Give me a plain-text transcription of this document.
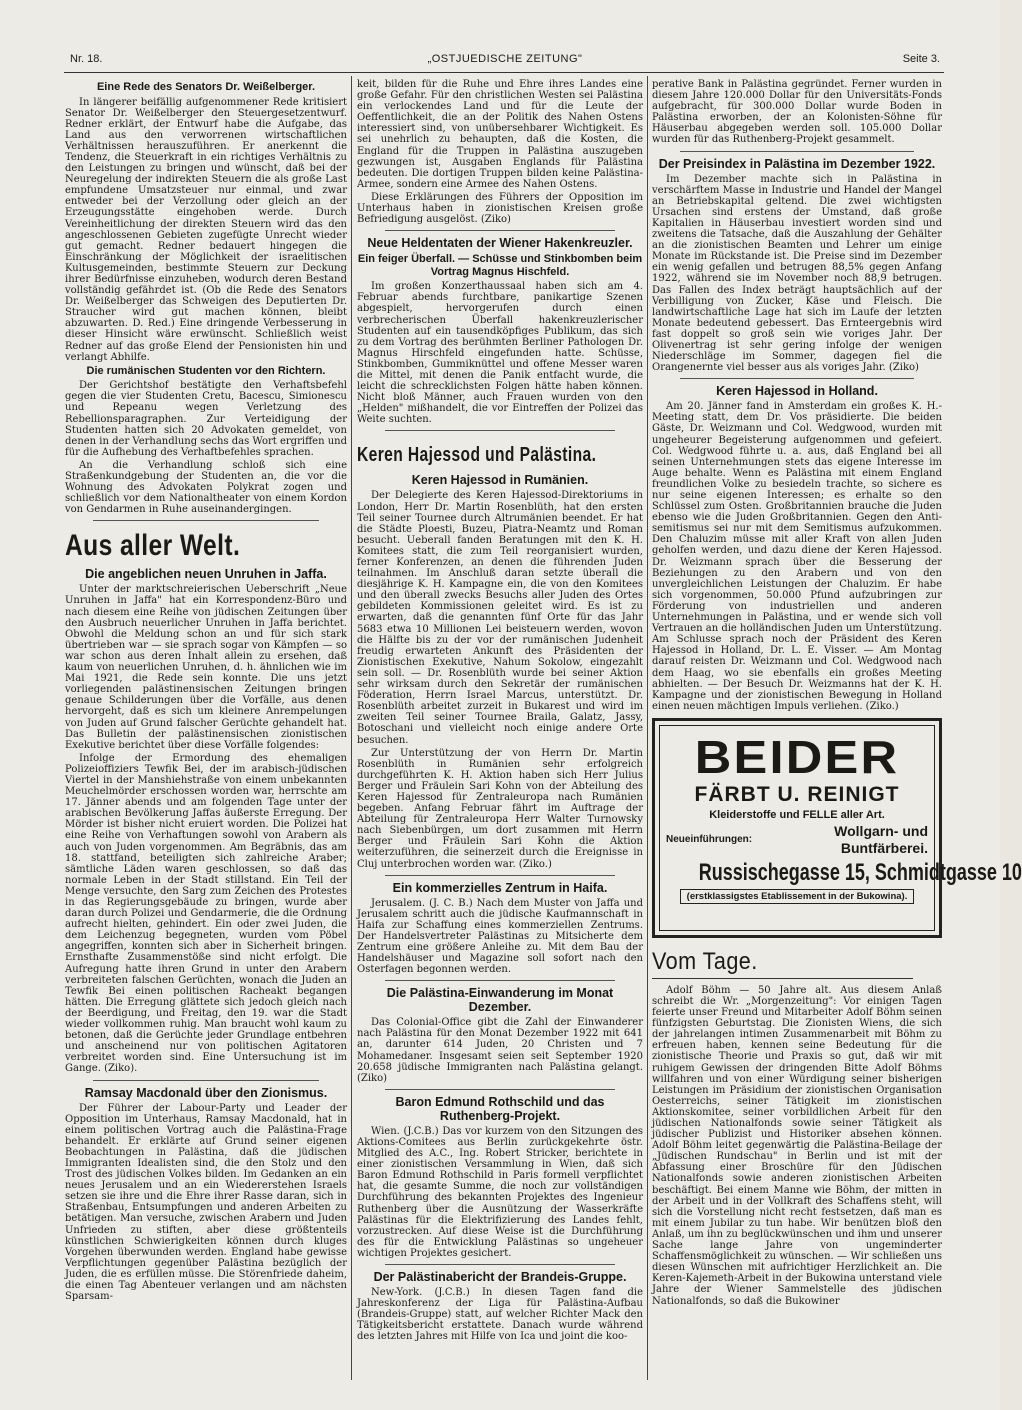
Nr. 18.	„OSTJUEDISCHE ZEITUNG"	Seite 3.
Eine Rede des Senators Dr. Weißelberger.

In längerer beifällig aufgenommener Rede kritisiert Senator Dr. Weißelberger den Steuergesetzentwurf. Redner erklärt, der Entwurf habe die Aufgabe, das Land aus den verworrenen wirtschaftlichen Verhältnissen herauszuführen. Er anerkennt die Tendenz, die Steuerkraft in ein richtiges Verhältnis zu den Leistungen zu bringen und wünscht, daß bei der Neuregelung der indirekten Steuern die als große Last empfundene Umsatzsteuer nur einmal, und zwar entweder bei der Verzollung oder gleich an der Erzeugungsstätte eingehoben werde. Durch Vereinheitlichung der direkten Steuern wird das den angeschlossenen Gebieten zugefügte Unrecht wieder gut gemacht. Redner bedauert hingegen die Einschränkung der Möglichkeit der israelitischen Kultusgemeinden, bestimmte Steuern zur Deckung ihrer Bedürfnisse einzuheben, wodurch deren Bestand vollständig gefährdet ist. (Ob die Rede des Senators Dr. Weißelberger das Schweigen des Deputierten Dr. Straucher wird gut machen können, bleibt abzuwarten. D. Red.) Eine dringende Verbesserung in dieser Hinsicht wäre erwünscht. Schließlich weist Redner auf das große Elend der Pensionisten hin und verlangt Abhilfe.

Die rumänischen Studenten vor den Richtern.

Der Gerichtshof bestätigte den Verhaftsbefehl gegen die vier Studenten Cretu, Bacescu, Simionescu und Repeanu wegen Verletzung des Rebellionsparagraphen. Zur Verteidigung der Studenten hatten sich 20 Advokaten gemeldet, von denen in der Verhandlung sechs das Wort ergriffen und für die Aufhebung des Verhaftbefehles sprachen.

An die Verhandlung schloß sich eine Straßenkundgebung der Studenten an, die vor die Wohnung des Advokaten Polykrat zogen und schließlich vor dem Nationaltheater von einem Kordon von Gendarmen in Ruhe auseinandergingen.

Aus aller Welt.
Die angeblichen neuen Unruhen in Jaffa.

Unter der marktschreierischen Ueberschrift „Neue Unruhen in Jaffa" hat ein Korrespondenz-Büro und nach diesem eine Reihe von jüdischen Zeitungen über den Ausbruch neuerlicher Unruhen in Jaffa berichtet. Obwohl die Meldung schon an und für sich stark übertrieben war — sie sprach sogar von Kämpfen — so war schon aus deren Inhalt allein zu ersehen, daß kaum von neuerlichen Unruhen, d. h. ähnlichen wie im Mai 1921, die Rede sein konnte. Die uns jetzt vorliegenden palästinensischen Zeitungen bringen genaue Schilderungen über die Vorfälle, aus denen hervorgeht, daß es sich um kleinere Anrempelungen von Juden auf Grund falscher Gerüchte gehandelt hat. Das Bulletin der palästinensischen zionistischen Exekutive berichtet über diese Vorfälle folgendes:

Infolge der Ermordung des ehemaligen Polizeioffiziers Tewfik Bei, der im arabisch-jüdischen Viertel in der Manshiehstraße von einem unbekannten Meuchelmörder erschossen worden war, herrschte am 17. Jänner abends und am folgenden Tage unter der arabischen Bevölkerung Jaffas äußerste Erregung. Der Mörder ist bisher nicht eruiert worden. Die Polizei hat eine Reihe von Verhaftungen sowohl von Arabern als auch von Juden vorgenommen. Am Begräbnis, das am 18. stattfand, beteiligten sich zahlreiche Araber; sämtliche Läden waren geschlossen, so daß das normale Leben in der Stadt stillstand. Ein Teil der Menge versuchte, den Sarg zum Zeichen des Protestes in das Regierungsgebäude zu bringen, wurde aber daran durch Polizei und Gendarmerie, die die Ordnung aufrecht hielten, gehindert. Ein oder zwei Juden, die dem Leichenzug begegneten, wurden vom Pöbel angegriffen, konnten sich aber in Sicherheit bringen. Ernsthafte Zusammenstöße sind nicht erfolgt. Die Aufregung hatte ihren Grund in unter den Arabern verbreiteten falschen Gerüchten, wonach die Juden an Tewfik Bei einen politischen Racheakt begangen hätten. Die Erregung glättete sich jedoch gleich nach der Beerdigung, und Freitag, den 19. war die Stadt wieder vollkommen ruhig. Man braucht wohl kaum zu betonen, daß die Gerüchte jeder Grundlage entbehren und anscheinend nur von politischen Agitatoren verbreitet worden sind. Eine Untersuchung ist im Gange. (Ziko).

Ramsay Macdonald über den Zionismus.

Der Führer der Labour-Party und Leader der Opposition im Unterhaus, Ramsay Macdonald, hat in einem politischen Vortrag auch die Palästina-Frage behandelt. Er erklärte auf Grund seiner eigenen Beobachtungen in Palästina, daß die jüdischen Immigranten Idealisten sind, die den Stolz und den Trost des jüdischen Volkes bilden. Im Gedanken an ein neues Jerusalem und an ein Wiedererstehen Israels setzen sie ihre und die Ehre ihrer Rasse daran, sich in Straßenbau, Entsumpfungen und anderen Arbeiten zu betätigen. Man versuche, zwischen Arabern und Juden Unfrieden zu stiften, aber diese größtenteils künstlichen Schwierigkeiten können durch kluges Vorgehen überwunden werden. England habe gewisse Verpflichtungen gegenüber Palästina bezüglich der Juden, die es erfüllen müsse. Die Störenfriede daheim, die einen Tag Abenteuer verlangen und am nächsten Sparsam-

keit, bilden für die Ruhe und Ehre ihres Landes eine große Gefahr. Für den christlichen Westen sei Palästina ein verlockendes Land und für die Leute der Oeffentlichkeit, die an der Politik des Nahen Ostens interessiert sind, von unübersehbarer Wichtigkeit. Es sei unehrlich zu behaupten, daß die Kosten, die England für die Truppen in Palästina auszugeben gezwungen ist, Ausgaben Englands für Palästina bedeuten. Die dortigen Truppen bilden keine Palästina-Armee, sondern eine Armee des Nahen Ostens.

Diese Erklärungen des Führers der Opposition im Unterhaus haben in zionistischen Kreisen große Befriedigung ausgelöst. (Ziko)

Neue Heldentaten der Wiener Hakenkreuzler.
Ein feiger Überfall. — Schüsse und Stinkbomben beim Vortrag Magnus Hischfeld.

Im großen Konzerthaussaal haben sich am 4. Februar abends furchtbare, panikartige Szenen abgespielt, hervorgerufen durch einen verbrecherischen Überfall hakenkreuzlerischer Studenten auf ein tausendköpfiges Publikum, das sich zu dem Vortrag des berühmten Berliner Pathologen Dr. Magnus Hirschfeld eingefunden hatte. Schüsse, Stinkbomben, Gummiknüttel und offene Messer waren die Mittel, mit denen die Panik entfacht wurde, die leicht die schrecklichsten Folgen hätte haben können. Nicht bloß Männer, auch Frauen wurden von den „Helden" mißhandelt, die vor Eintreffen der Polizei das Weite suchten.

Keren Hajessod und Palästina.
Keren Hajessod in Rumänien.

Der Delegierte des Keren Hajessod-Direktoriums in London, Herr Dr. Martin Rosenblüth, hat den ersten Teil seiner Tournee durch Altrumänien beendet. Er hat die Städte Ploesti, Buzeu, Piatra-Neamtz und Roman besucht. Ueberall fanden Beratungen mit den K. H. Komitees statt, die zum Teil reorganisiert wurden, ferner Konferenzen, an denen die führenden Juden teilnahmen. Im Anschluß daran setzte überall die diesjährige K. H. Kampagne ein, die von den Komitees und den überall zwecks Besuchs aller Juden des Ortes gebildeten Kommissionen geleitet wird. Es ist zu erwarten, daß die genannten fünf Orte für das Jahr 5683 etwa 10 Millionen Lei beisteuern werden, wovon die Hälfte bis zu der vor der rumänischen Judenheit freudig erwarteten Ankunft des Präsidenten der Zionistischen Exekutive, Nahum Sokolow, eingezahlt sein soll. — Dr. Rosenblüth wurde bei seiner Aktion sehr wirksam durch den Sekretär der rumänischen Föderation, Herrn Israel Marcus, unterstützt. Dr. Rosenblüth arbeitet zurzeit in Bukarest und wird im zweiten Teil seiner Tournee Braila, Galatz, Jassy, Botoschani und vielleicht noch einige andere Orte besuchen.

Zur Unterstützung der von Herrn Dr. Martin Rosenblüth in Rumänien sehr erfolgreich durchgeführten K. H. Aktion haben sich Herr Julius Berger und Fräulein Sari Kohn von der Abteilung des Keren Hajessod für Zentraleuropa nach Rumänien begeben. Anfang Februar fährt im Auftrage der Abteilung für Zentraleuropa Herr Walter Turnowsky nach Siebenbürgen, um dort zusammen mit Herrn Berger und Fräulein Sari Kohn die Aktion weiterzuführen, die seinerzeit durch die Ereignisse in Cluj unterbrochen worden war. (Ziko.)

Ein kommerzielles Zentrum in Haifa.

Jerusalem. (J. C. B.) Nach dem Muster von Jaffa und Jerusalem schritt auch die jüdische Kaufmannschaft in Haifa zur Schaffung eines kommerziellen Zentrums. Der Handelsvertreter Palästinas zu Mitsichertе dem Zentrum eine größere Anleihe zu. Mit dem Bau der Handelshäuser und Magazine soll sofort nach den Osterfagen begonnen werden.

Die Palästina-Einwanderung im Monat Dezember.

Das Colonial-Office gibt die Zahl der Einwanderer nach Palästina für den Monat Dezember 1922 mit 641 an, darunter 614 Juden, 20 Christen und 7 Mohamedaner. Insgesamt seien seit September 1920 20.658 jüdische Immigranten nach Palästina gelangt. (Ziko)

Baron Edmund Rothschild und das Ruthenberg-Projekt.

Wien. (J.C.B.) Das vor kurzem von den Sitzungen des Aktions-Comitees aus Berlin zurückgekehrte östr. Mitglied des A.C., Ing. Robert Stricker, berichtete in einer zionistischen Versammlung in Wien, daß sich Baron Edmund Rothschild in Paris formell verpflichtet hat, die gesamte Summe, die noch zur vollständigen Durchführung des bekannten Projektes des Ingenieur Ruthenberg über die Ausnützung der Wasserkräfte Palästinas für die Elektrifizierung des Landes fehlt, vorzustrecken. Auf diese Weise ist die Durchführung des für die Entwicklung Palästinas so ungeheuer wichtigen Projektes gesichert.

Der Palästinabericht der Brandeis-Gruppe.

New-York. (J.C.B.) In diesen Tagen fand die Jahreskonferenz der Liga für Palästina-Aufbau (Brandeis-Gruppe) statt, auf welcher Richter Mack den Tätigkeitsbericht erstattete. Danach wurde während des letzten Jahres mit Hilfe von Ica und joint die koo-

perative Bank in Palästina gegründet. Ferner wurden in diesem Jahre 120.000 Dollar für den Universitäts-Fonds aufgebracht, für 300.000 Dollar wurde Boden in Palästina erworben, der an Kolonisten-Söhne für Häuserbau abgegeben werden soll. 105.000 Dollar wurden für das Ruthenberg-Projekt gesammelt.

Der Preisindex in Palästina im Dezember 1922.

Im Dezember machte sich in Palästina in verschärftem Masse in Industrie und Handel der Mangel an Betriebskapital geltend. Die zwei wichtigsten Ursachen sind erstens der Umstand, daß große Kapitalien in Häuserbau investiert worden sind und zweitens die Tatsache, daß die Auszahlung der Gehälter an die zionistischen Beamten und Lehrer um einige Monate im Rückstande ist. Die Preise sind im Dezember ein wenig gefallen und betrugen 88,5% gegen Anfang 1922, während sie im November noch 88,9 betrugen. Das Fallen des Index beträgt hauptsächlich auf der Verbilligung von Zucker, Käse und Fleisch. Die landwirtschaftliche Lage hat sich im Laufe der letzten Monate bedeutend gebessert. Das Ernteergebnis wird fast doppelt so groß sein wie voriges Jahr. Der Olivenertrag ist sehr gering infolge der wenigen Niederschläge im Sommer, dagegen fiel die Orangenernte viel besser aus als voriges Jahr. (Ziko)

Keren Hajessod in Holland.

Am 20. Jänner fand in Amsterdam ein großes K. H.-Meeting statt, dem Dr. Vos präsidierte. Die beiden Gäste, Dr. Weizmann und Col. Wedgwood, wurden mit ungeheurer Begeisterung aufgenommen und gefeiert. Col. Wedgwood führte u. a. aus, daß England bei all seinen Unternehmungen stets das eigene Interesse im Auge behalte. Wenn es Palästina mit einem England freundlichen Volke zu besiedeln trachte, so sichere es nur seine eigenen Interessen; es erhalte so den Schlüssel zum Osten. Großbritannien brauche die Juden ebenso wie die Juden Großbritannien. Gegen den Anti-semitismus sei nur mit dem Semitismus aufzukommen. Den Chaluzim müsse mit aller Kraft von allen Juden geholfen werden, und dazu diene der Keren Hajessod. Dr. Weizmann sprach über die Besserung der Beziehungen zu den Arabern und von den unvergleichlichen Leistungen der Chaluzim. Er habe sich vorgenommen, 50.000 Pfund aufzubringen zur Förderung von industriellen und anderen Unternehmungen in Palästina, und er wende sich voll Vertrauen an die holländischen Juden um Unterstützung. Am Schlusse sprach noch der Präsident des Keren Hajessod in Holland, Dr. L. E. Visser. — Am Montag darauf reisten Dr. Weizmann und Col. Wedgwood nach dem Haag, wo sie ebenfalls ein großes Meeting abhielten. — Der Besuch Dr. Weizmanns hat der K. H. Kampagne und der zionistischen Bewegung in Holland einen neuen mächtigen Impuls verliehen. (Ziko.)

BEIDER
FÄRBT U. REINIGT
Kleiderstoffe und FELLE aller Art.
Neueinführungen:
Wollgarn- und Buntfärberei.
Russischegasse 15, Schmidtgasse 10
(erstklassigstes Etablissement in der Bukowina).
Vom Tage.

Adolf Böhm — 50 Jahre alt. Aus diesem Anlaß schreibt die Wr. „Morgenzeitung": Vor einigen Tagen feierte unser Freund und Mitarbeiter Adolf Böhm seinen fünfzigsten Geburtstag. Die Zionisten Wiens, die sich der jahrelangen intimen Zusammenarbeit mit Böhm zu erfreuen haben, kennen seine Bedeutung für die zionistische Theorie und Praxis so gut, daß wir mit ruhigem Gewissen der dringenden Bitte Adolf Böhms willfahren und von einer Würdigung seiner bisherigen Leistungen im Präsidium der zionistischen Organisation Oesterreichs, seiner Tätigkeit im zionistischen Aktionskomitee, seiner vorbildlichen Arbeit für den jüdischen Nationalfonds sowie seiner Tätigkeit als jüdischer Publizist und Historiker absehen können. Adolf Böhm leitet gegenwärtig die Palästina-Beilage der „Jüdischen Rundschau" in Berlin und ist mit der Abfassung einer Broschüre für den Jüdischen Nationalfonds sowie anderen zionistischen Arbeiten beschäftigt. Bei einem Manne wie Böhm, der mitten in der Arbeit und in der Vollkraft des Schaffens steht, will sich die Vorstellung nicht recht festsetzen, daß man es mit einem Jubilar zu tun habe. Wir benützen bloß den Anlaß, um ihn zu beglückwünschen und ihm und unserer Sache lange Jahre von ungeminderter Schaffensmöglichkeit zu wünschen. — Wir schließen uns diesen Wünschen mit aufrichtiger Herzlichkeit an. Die Keren-Kajemeth-Arbeit in der Bukowina unterstand viele Jahre der Wiener Sammelstelle des jüdischen Nationalfonds, so daß die Bukowiner
